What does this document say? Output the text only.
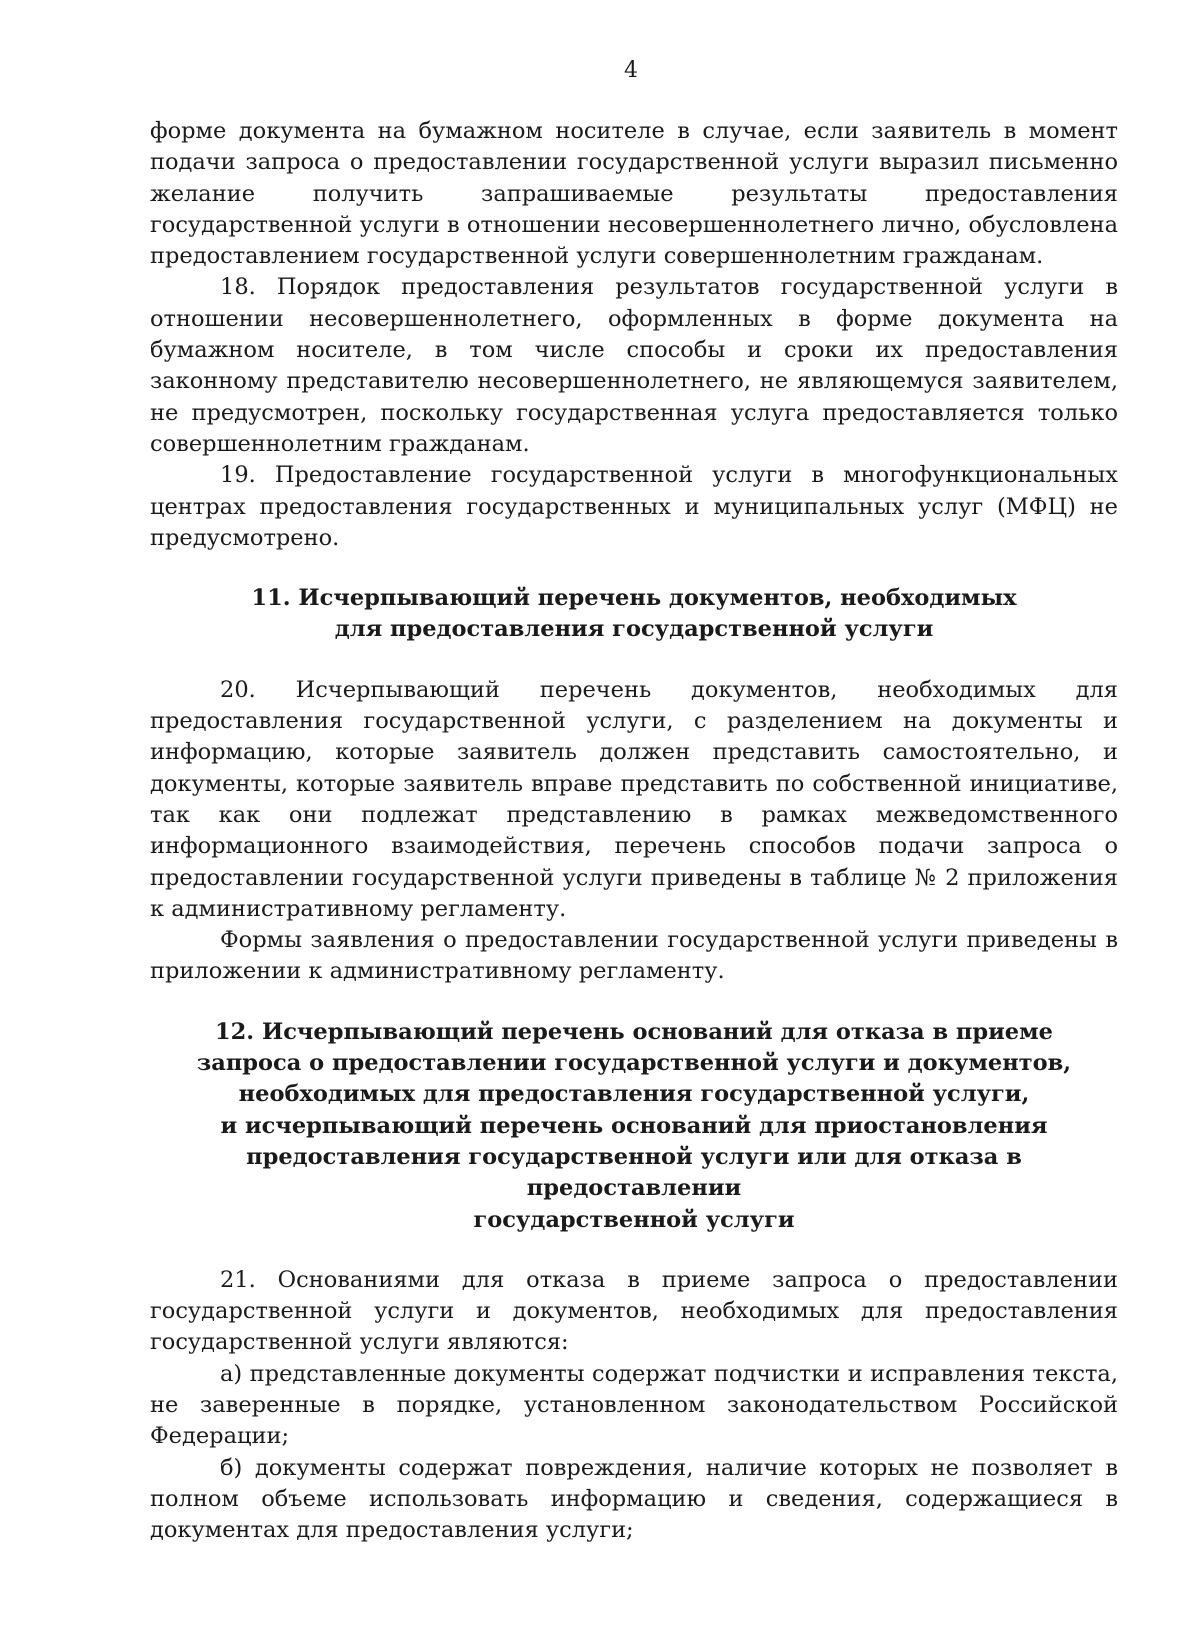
4

форме документа на бумажном носителе в случае, если заявитель в момент подачи запроса о предоставлении государственной услуги выразил письменно желание получить запрашиваемые результаты предоставления государственной услуги в отношении несовершеннолетнего лично, обусловлена предоставлением государственной услуги совершеннолетним гражданам.

18. Порядок предоставления результатов государственной услуги в отношении несовершеннолетнего, оформленных в форме документа на бумажном носителе, в том числе способы и сроки их предоставления законному представителю несовершеннолетнего, не являющемуся заявителем, не предусмотрен, поскольку государственная услуга предоставляется только совершеннолетним гражданам.

19. Предоставление государственной услуги в многофункциональных центрах предоставления государственных и муниципальных услуг (МФЦ) не предусмотрено.

11. Исчерпывающий перечень документов, необходимых
для предоставления государственной услуги

20. Исчерпывающий перечень документов, необходимых для предоставления государственной услуги, с разделением на документы и информацию, которые заявитель должен представить самостоятельно, и документы, которые заявитель вправе представить по собственной инициативе, так как они подлежат представлению в рамках межведомственного информационного взаимодействия, перечень способов подачи запроса о предоставлении государственной услуги приведены в таблице № 2 приложения к административному регламенту.

Формы заявления о предоставлении государственной услуги приведены в приложении к административному регламенту.

12. Исчерпывающий перечень оснований для отказа в приеме
запроса о предоставлении государственной услуги и документов,
необходимых для предоставления государственной услуги,
и исчерпывающий перечень оснований для приостановления
предоставления государственной услуги или для отказа в предоставлении
государственной услуги

21. Основаниями для отказа в приеме запроса о предоставлении государственной услуги и документов, необходимых для предоставления государственной услуги являются:

а) представленные документы содержат подчистки и исправления текста, не заверенные в порядке, установленном законодательством Российской Федерации;

б) документы содержат повреждения, наличие которых не позволяет в полном объеме использовать информацию и сведения, содержащиеся в документах для предоставления услуги;
